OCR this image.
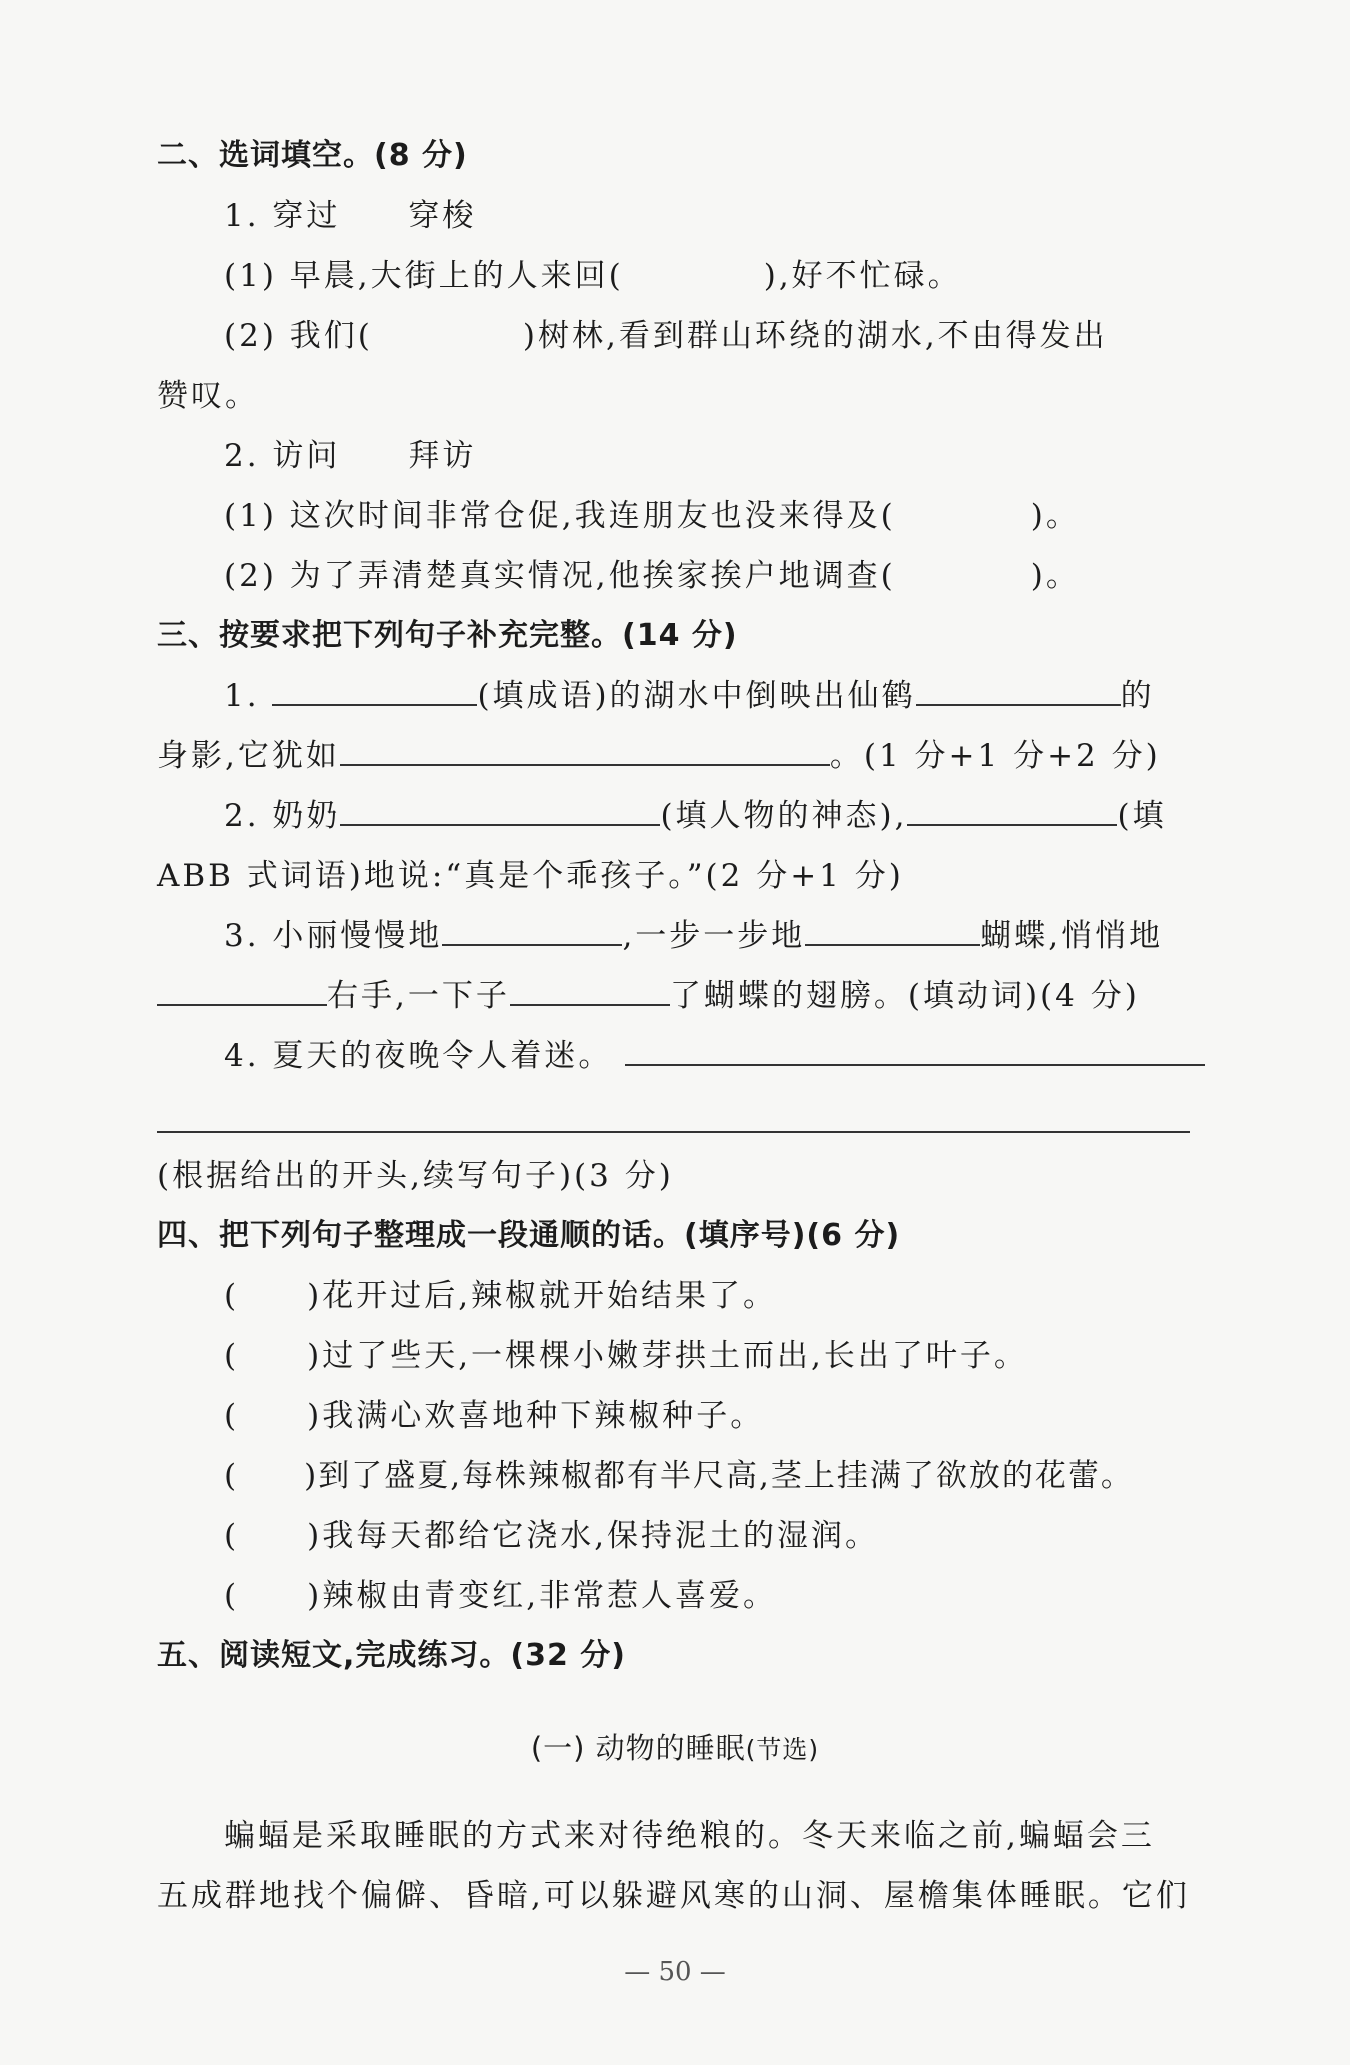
二、选词填空。(8 分)
1. 穿过　　穿梭
(1) 早晨,大街上的人来回(	),好不忙碌。
(2) 我们(	)树林,看到群山环绕的湖水,不由得发出
赞叹。
2. 访问　　拜访
(1) 这次时间非常仓促,我连朋友也没来得及(	)。
(2) 为了弄清楚真实情况,他挨家挨户地调查(	)。
三、按要求把下列句子补充完整。(14 分)
1.	(填成语)的湖水中倒映出仙鹤	的
身影,它犹如	。(1 分+1 分+2 分)
2. 奶奶	(填人物的神态),	(填
ABB 式词语)地说:“真是个乖孩子。”(2 分+1 分)
3. 小丽慢慢地	,一步一步地	蝴蝶,悄悄地
右手,一下子	了蝴蝶的翅膀。(填动词)(4 分)
4. 夏天的夜晚令人着迷。
(根据给出的开头,续写句子)(3 分)
四、把下列句子整理成一段通顺的话。(填序号)(6 分)
(　　)花开过后,辣椒就开始结果了。
(　　)过了些天,一棵棵小嫩芽拱土而出,长出了叶子。
(　　)我满心欢喜地种下辣椒种子。
(　　)到了盛夏,每株辣椒都有半尺高,茎上挂满了欲放的花蕾。
(　　)我每天都给它浇水,保持泥土的湿润。
(　　)辣椒由青变红,非常惹人喜爱。
五、阅读短文,完成练习。(32 分)
(一) 动物的睡眠(节选)
蝙蝠是采取睡眠的方式来对待绝粮的。冬天来临之前,蝙蝠会三
五成群地找个偏僻、昏暗,可以躲避风寒的山洞、屋檐集体睡眠。它们
— 50 —
